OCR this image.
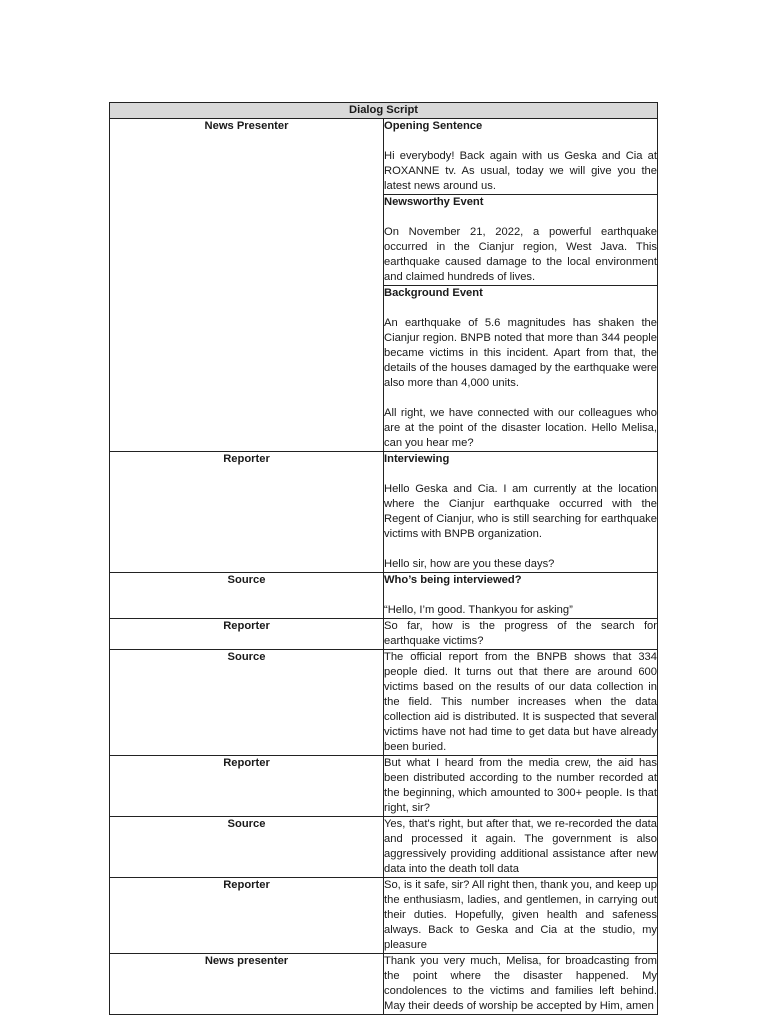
Dialog Script	
News Presenter	Opening Sentence
Hi everybody! Back again with us Geska and Cia at ROXANNE tv. As usual, today we will give you the latest news around us.

	Newsworthy Event
On November 21, 2022, a powerful earthquake occurred in the Cianjur region, West Java. This earthquake caused damage to the local environment and claimed hundreds of lives.

	Background Event
An earthquake of 5.6 magnitudes has shaken the Cianjur region. BNPB noted that more than 344 people became victims in this incident. Apart from that, the details of the houses damaged by the earthquake were also more than 4,000 units.
All right, we have connected with our colleagues who are at the point of the disaster location. Hello Melisa, can you hear me?

Reporter	Interviewing
Hello Geska and Cia. I am currently at the location where the Cianjur earthquake occurred with the Regent of Cianjur, who is still searching for earthquake victims with BNPB organization.
Hello sir, how are you these days?

Source	Who’s being interviewed?
“Hello, I’m good. Thankyou for asking”

Reporter	So far, how is the progress of the search for earthquake victims?

Source	The official report from the BNPB shows that 334 people died. It turns out that there are around 600 victims based on the results of our data collection in the field. This number increases when the data collection aid is distributed. It is suspected that several victims have not had time to get data but have already been buried.

Reporter	But what I heard from the media crew, the aid has been distributed according to the number recorded at the beginning, which amounted to 300+ people. Is that right, sir?

Source	Yes, that's right, but after that, we re-recorded the data and processed it again. The government is also aggressively providing additional assistance after new data into the death toll data

Reporter	So, is it safe, sir? All right then, thank you, and keep up the enthusiasm, ladies, and gentlemen, in carrying out their duties. Hopefully, given health and safeness always. Back to Geska and Cia at the studio, my pleasure

News presenter	Thank you very much, Melisa, for broadcasting from the point where the disaster happened. My condolences to the victims and families left behind. May their deeds of worship be accepted by Him, amen
